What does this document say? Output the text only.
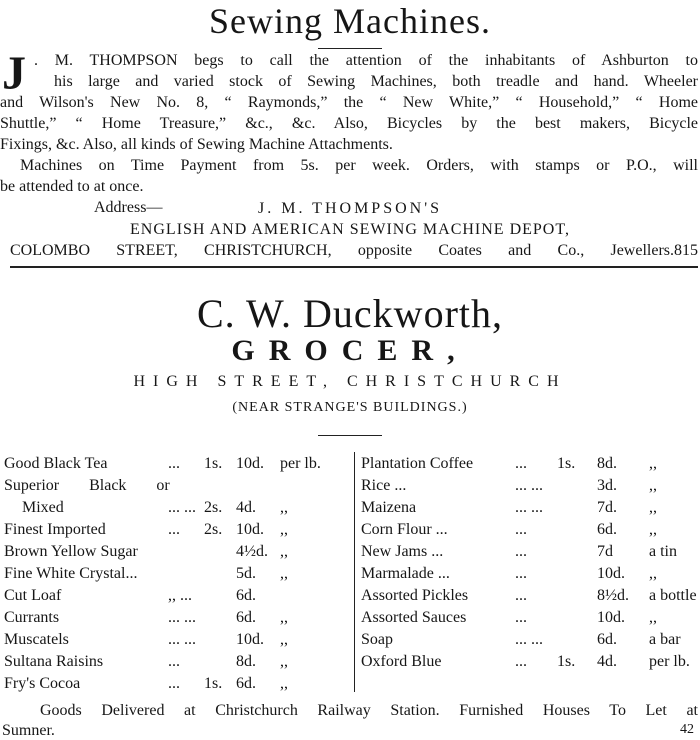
Sewing Machines.
J . M. THOMPSON begs to call the attention of the inhabitants of Ashburton to
his large and varied stock of Sewing Machines, both treadle and hand. Wheeler
and Wilson's New No. 8, “ Raymonds,” the “ New White,” “ Household,” “ Home
Shuttle,” “ Home Treasure,” &c., &c. Also, Bicycles by the best makers, Bicycle
Fixings, &c. Also, all kinds of Sewing Machine Attachments.
Machines on Time Payment from 5s. per week. Orders, with stamps or P.O., will
be attended to at once.
Address—	J. M. THOMPSON'S
ENGLISH AND AMERICAN SEWING MACHINE DEPOT,
COLOMBO STREET, CHRISTCHURCH, opposite Coates and Co., Jewellers.815
C. W. Duckworth,
GROCER,
HIGH STREET, CHRISTCHURCH
(NEAR STRANGE'S BUILDINGS.)
Good Black Tea	... 1s. 10d. per lb.
Superior Black or
Mixed	... ... 2s. 4d. ,,
Finest Imported	... 2s. 10d. ,,
Brown Yellow Sugar	4½d. ,,
Fine White Crystal...	5d. ,,
Cut Loaf	,, ...	6d.
Currants	... ...	6d. ,,
Muscatels	... ...	10d. ,,
Sultana Raisins	...	8d. ,,
Fry's Cocoa	... 1s. 6d. ,,
Plantation Coffee	... 1s. 8d. ,,
Rice ...	... ...	3d. ,,
Maizena	... ...	7d. ,,
Corn Flour ...	...	6d. ,,
New Jams ...	...	7d a tin
Marmalade ...	...	10d. ,,
Assorted Pickles	...	8½d. a bottle
Assorted Sauces	...	10d. ,,
Soap	... ...	6d. a bar
Oxford Blue	... 1s. 4d. per lb.
Goods Delivered at Christchurch Railway Station. Furnished Houses To Let at
Sumner.	42
